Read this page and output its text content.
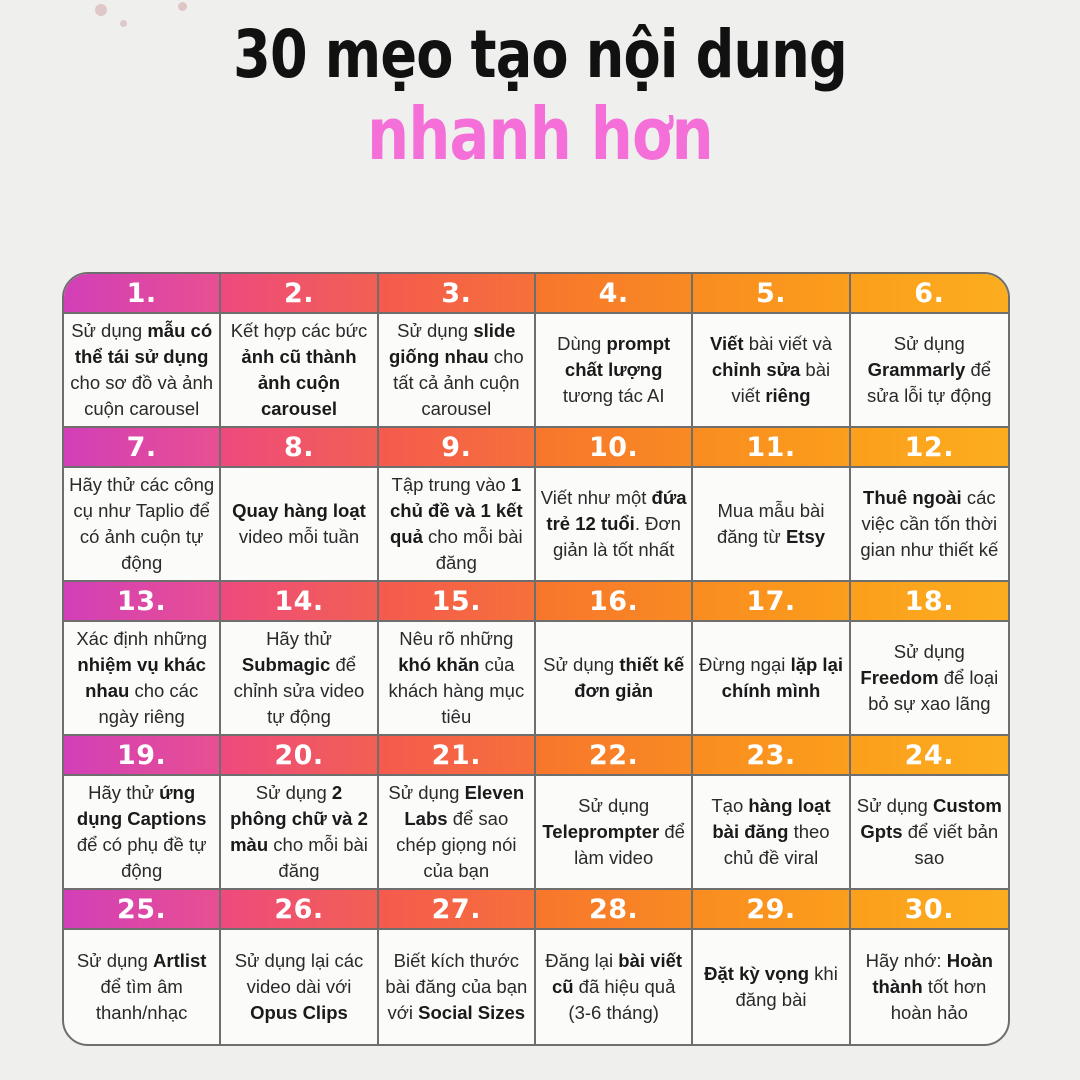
30 mẹo tạo nội dung
nhanh hơn
1.
Sử dụng mẫu có thể tái sử dụng cho sơ đồ và ảnh cuộn carousel
2.
Kết hợp các bức ảnh cũ thành ảnh cuộn carousel
3.
Sử dụng slide giống nhau cho tất cả ảnh cuộn carousel
4.
Dùng prompt chất lượng tương tác AI
5.
Viết bài viết và chỉnh sửa bài viết riêng
6.
Sử dụng Grammarly để sửa lỗi tự động
7.
Hãy thử các công cụ như Taplio để có ảnh cuộn tự động
8.
Quay hàng loạt video mỗi tuần
9.
Tập trung vào 1 chủ đề và 1 kết quả cho mỗi bài đăng
10.
Viết như một đứa trẻ 12 tuổi. Đơn giản là tốt nhất
11.
Mua mẫu bài đăng từ Etsy
12.
Thuê ngoài các việc cần tốn thời gian như thiết kế
13.
Xác định những nhiệm vụ khác nhau cho các ngày riêng
14.
Hãy thử Submagic để chỉnh sửa video tự động
15.
Nêu rõ những khó khăn của khách hàng mục tiêu
16.
Sử dụng thiết kế đơn giản
17.
Đừng ngại lặp lại chính mình
18.
Sử dụng Freedom để loại bỏ sự xao lãng
19.
Hãy thử ứng dụng Captions để có phụ đề tự động
20.
Sử dụng 2 phông chữ và 2 màu cho mỗi bài đăng
21.
Sử dụng Eleven Labs để sao chép giọng nói của bạn
22.
Sử dụng Teleprompter để làm video
23.
Tạo hàng loạt bài đăng theo chủ đề viral
24.
Sử dụng Custom Gpts để viết bản sao
25.
Sử dụng Artlist để tìm âm thanh/nhạc
26.
Sử dụng lại các video dài với Opus Clips
27.
Biết kích thước bài đăng của bạn với Social Sizes
28.
Đăng lại bài viết cũ đã hiệu quả (3-6 tháng)
29.
Đặt kỳ vọng khi đăng bài
30.
Hãy nhớ: Hoàn thành tốt hơn hoàn hảo
